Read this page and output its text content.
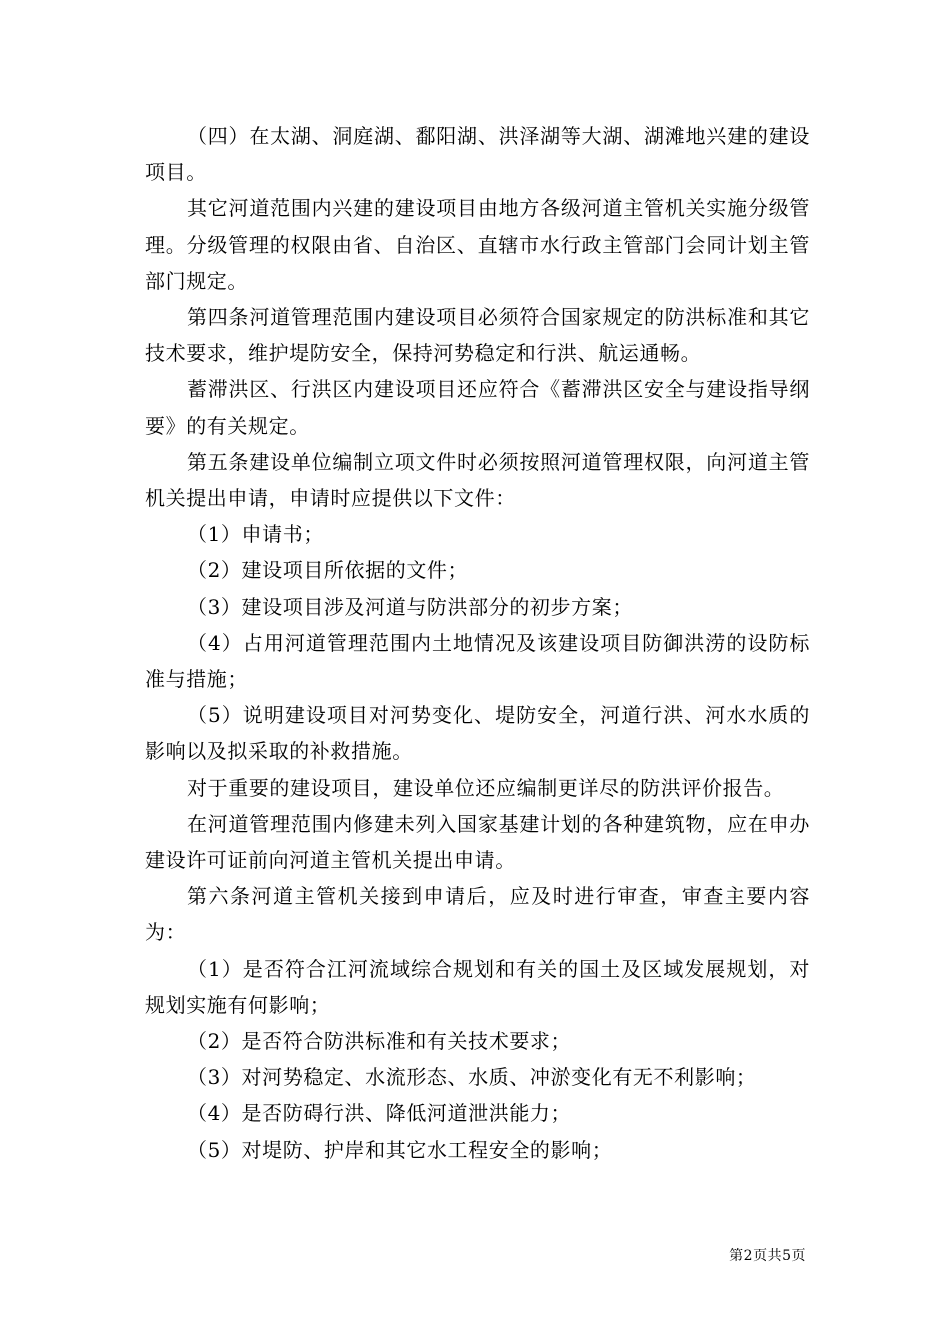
（四）在太湖、洞庭湖、鄱阳湖、洪泽湖等大湖、湖滩地兴建的建设项目。

其它河道范围内兴建的建设项目由地方各级河道主管机关实施分级管理。分级管理的权限由省、自治区、直辖市水行政主管部门会同计划主管部门规定。

第四条河道管理范围内建设项目必须符合国家规定的防洪标准和其它技术要求，维护堤防安全，保持河势稳定和行洪、航运通畅。

蓄滞洪区、行洪区内建设项目还应符合《蓄滞洪区安全与建设指导纲要》的有关规定。

第五条建设单位编制立项文件时必须按照河道管理权限，向河道主管机关提出申请，申请时应提供以下文件：

（1）申请书；

（2）建设项目所依据的文件；

（3）建设项目涉及河道与防洪部分的初步方案；

（4）占用河道管理范围内土地情况及该建设项目防御洪涝的设防标准与措施；

（5）说明建设项目对河势变化、堤防安全，河道行洪、河水水质的影响以及拟采取的补救措施。

对于重要的建设项目，建设单位还应编制更详尽的防洪评价报告。

在河道管理范围内修建未列入国家基建计划的各种建筑物，应在申办建设许可证前向河道主管机关提出申请。

第六条河道主管机关接到申请后，应及时进行审查，审查主要内容为：

（1）是否符合江河流域综合规划和有关的国土及区域发展规划，对规划实施有何影响；

（2）是否符合防洪标准和有关技术要求；

（3）对河势稳定、水流形态、水质、冲淤变化有无不利影响；

（4）是否防碍行洪、降低河道泄洪能力；

（5）对堤防、护岸和其它水工程安全的影响；

第2页共5页
